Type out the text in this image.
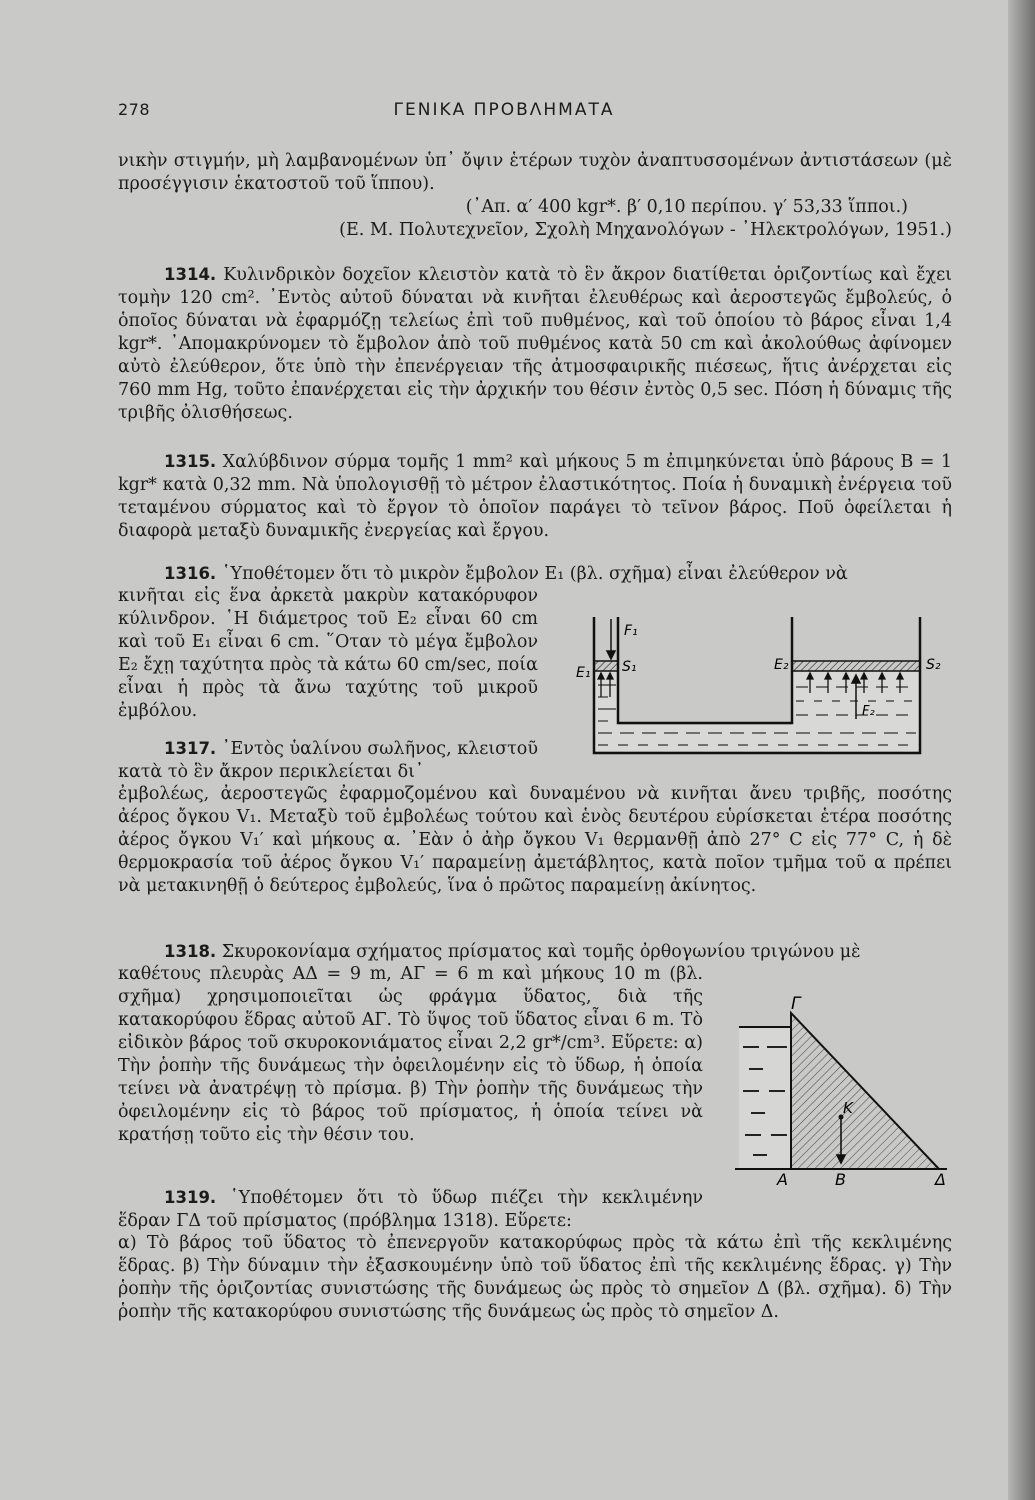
278	ΓΕΝΙΚΑ ΠΡΟΒΛΗΜΑΤΑ

νικὴν στιγμήν, μὴ λαμβανομένων ὑπ᾽ ὄψιν ἑτέρων τυχὸν ἀναπτυσσομένων ἀντιστάσεων (μὲ προσέγγισιν ἑκατοστοῦ τοῦ ἵππου).

(᾽Απ. α′ 400 kgr*. β′ 0,10 περίπου. γ′ 53,33 ἵπποι.)

(Ε. Μ. Πολυτεχνεῖον, Σχολὴ Μηχανολόγων - ᾽Ηλεκτρολόγων, 1951.)

1314. Κυλινδρικὸν δοχεῖον κλειστὸν κατὰ τὸ ἓν ἄκρον διατίθεται ὁριζοντίως καὶ ἔχει τομὴν 120 cm². ᾽Εντὸς αὐτοῦ δύναται νὰ κινῆται ἐλευθέρως καὶ ἀεροστεγῶς ἔμβολεύς, ὁ ὁποῖος δύναται νὰ ἐφαρμόζῃ τελείως ἐπὶ τοῦ πυθμένος, καὶ τοῦ ὁποίου τὸ βάρος εἶναι 1,4 kgr*. ᾽Απομακρύνομεν τὸ ἔμβολον ἀπὸ τοῦ πυθμένος κατὰ 50 cm καὶ ἀκολούθως ἀφίνομεν αὐτὸ ἐλεύθερον, ὅτε ὑπὸ τὴν ἐπενέργειαν τῆς ἀτμοσφαιρικῆς πιέσεως, ἥτις ἀνέρχεται εἰς 760 mm Hg, τοῦτο ἐπανέρχεται εἰς τὴν ἀρχικήν του θέσιν ἐντὸς 0,5 sec. Πόση ἡ δύναμις τῆς τριβῆς ὀλισθήσεως.

1315. Χαλύβδινον σύρμα τομῆς 1 mm² καὶ μήκους 5 m ἐπιμηκύνεται ὑπὸ βάρους B = 1 kgr* κατὰ 0,32 mm. Νὰ ὑπολογισθῇ τὸ μέτρον ἐλαστικότητος. Ποία ἡ δυναμικὴ ἐνέργεια τοῦ τεταμένου σύρματος καὶ τὸ ἔργον τὸ ὁποῖον παράγει τὸ τεῖνον βάρος. Ποῦ ὀφείλεται ἡ διαφορὰ μεταξὺ δυναμικῆς ἐνεργείας καὶ ἔργου.

1316. ῾Υποθέτομεν ὅτι τὸ μικρὸν ἔμβολον E₁ (βλ. σχῆμα) εἶναι ἐλεύθερον νὰ

κινῆται εἰς ἕνα ἀρκετὰ μακρὺν κατακόρυφον κύλινδρον. ῾Η διάμετρος τοῦ E₂ εἶναι 60 cm καὶ τοῦ E₁ εἶναι 6 cm. ῞Οταν τὸ μέγα ἔμβολον E₂ ἔχῃ ταχύτητα πρὸς τὰ κάτω 60 cm/sec, ποία εἶναι ἡ πρὸς τὰ ἄνω ταχύτης τοῦ μικροῦ ἐμβόλου.

1317. ᾽Εντὸς ὑαλίνου σωλῆνος, κλειστοῦ κατὰ τὸ ἓν ἄκρον περικλείεται δι᾽

ἐμβολέως, ἀεροστεγῶς ἐφαρμοζομένου καὶ δυναμένου νὰ κινῆται ἄνευ τριβῆς, ποσότης ἀέρος ὄγκου V₁. Μεταξὺ τοῦ ἐμβολέως τούτου καὶ ἑνὸς δευτέρου εὑρίσκεται ἑτέρα ποσότης ἀέρος ὄγκου V₁′ καὶ μήκους α. ᾽Εὰν ὁ ἀὴρ ὄγκου V₁ θερμανθῇ ἀπὸ 27° C εἰς 77° C, ἡ δὲ θερμοκρασία τοῦ ἀέρος ὄγκου V₁′ παραμείνῃ ἀμετάβλητος, κατὰ ποῖον τμῆμα τοῦ α πρέπει νὰ μετακινηθῇ ὁ δεύτερος ἐμβολεύς, ἵνα ὁ πρῶτος παραμείνῃ ἀκίνητος.

1318. Σκυροκονίαμα σχήματος πρίσματος καὶ τομῆς ὀρθογωνίου τριγώνου μὲ

καθέτους πλευρὰς ΑΔ = 9 m, ΑΓ = 6 m καὶ μήκους 10 m (βλ. σχῆμα) χρησιμοποιεῖται ὡς φράγμα ὕδατος, διὰ τῆς κατακορύφου ἕδρας αὐτοῦ ΑΓ. Τὸ ὕψος τοῦ ὕδατος εἶναι 6 m. Τὸ εἰδικὸν βάρος τοῦ σκυροκονιάματος εἶναι 2,2 gr*/cm³. Εὕρετε: α) Τὴν ῥοπὴν τῆς δυνάμεως τὴν ὀφειλομένην εἰς τὸ ὕδωρ, ἡ ὁποία τείνει νὰ ἀνατρέψῃ τὸ πρίσμα. β) Τὴν ῥοπὴν τῆς δυνάμεως τὴν ὀφειλομένην εἰς τὸ βάρος τοῦ πρίσματος, ἡ ὁποία τείνει νὰ κρατήσῃ τοῦτο εἰς τὴν θέσιν του.

1319. ῾Υποθέτομεν ὅτι τὸ ὕδωρ πιέζει τὴν κεκλιμένην ἕδραν ΓΔ τοῦ πρίσματος (πρόβλημα 1318). Εὕρετε:

α) Τὸ βάρος τοῦ ὕδατος τὸ ἐπενεργοῦν κατακορύφως πρὸς τὰ κάτω ἐπὶ τῆς κεκλιμένης ἕδρας. β) Τὴν δύναμιν τὴν ἐξασκουμένην ὑπὸ τοῦ ὕδατος ἐπὶ τῆς κεκλιμένης ἕδρας. γ) Τὴν ῥοπὴν τῆς ὁριζοντίας συνιστώσης τῆς δυνάμεως ὡς πρὸς τὸ σημεῖον Δ (βλ. σχῆμα). δ) Τὴν ῥοπὴν τῆς κατακορύφου συνιστώσης τῆς δυνάμεως ὡς πρὸς τὸ σημεῖον Δ.

F₁
E₁ S₁	E₂	S₂
F₂
Γ
K
A	B	Δ
